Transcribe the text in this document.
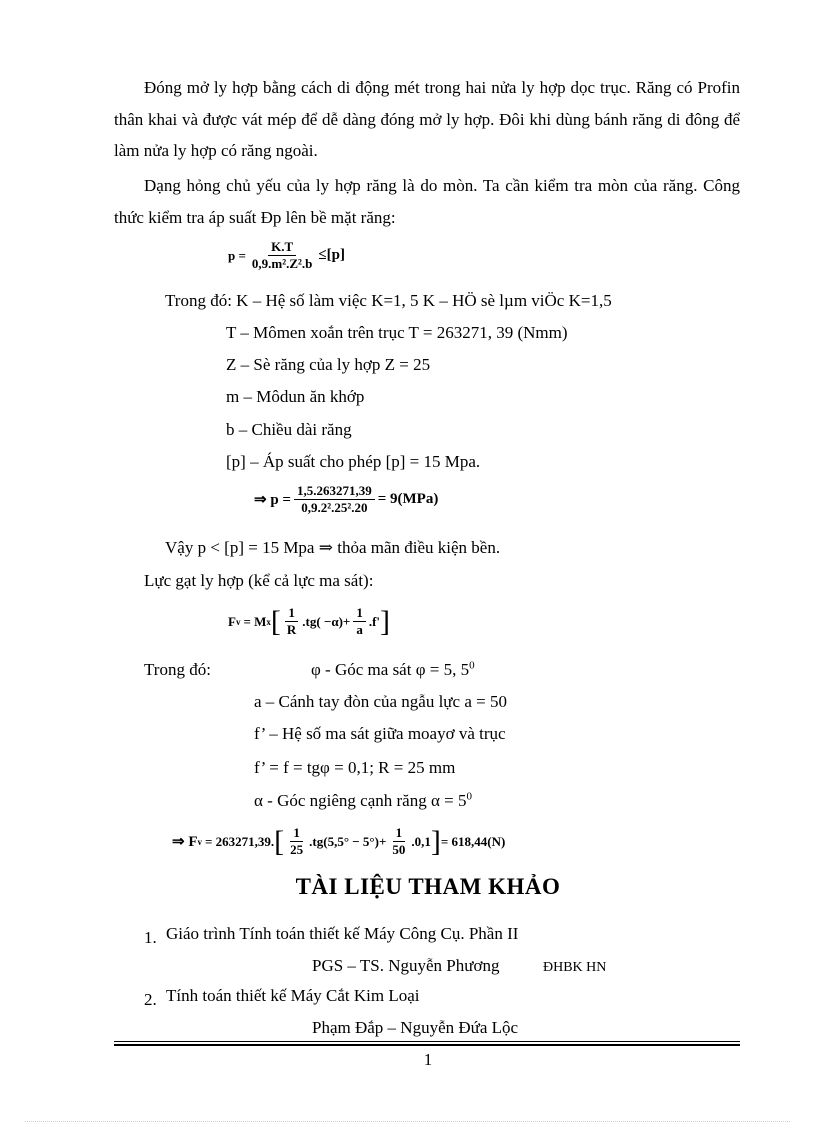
Đóng mở ly hợp bằng cách di động mét trong hai nửa ly hợp dọc trục. Răng có Profin thân khai và được vát mép để dễ dàng đóng mở ly hợp. Đôi khi dùng bánh răng di đông để làm nửa ly hợp có răng ngoài.
Dạng hỏng chủ yếu của ly hợp răng là do mòn. Ta cần kiểm tra mòn của răng. Công thức kiểm tra áp suất Đp lên bề mặt răng:
$p = \frac{K.T}{\text{0,9.m².Z².b}} \le[p]$
Trong đó: K – Hệ số làm việc K=1, 5 K – HÖ sè lµm viÖc K=1,5
T – Mômen xoắn trên trục T = 263271, 39 (Nmm)
Z – Sè răng của ly hợp Z = 25
m – Môdun ăn khớp
b – Chiều dài răng
[p] – Áp suất cho phép [p] = 15 Mpa.
⇒ $p = \frac{1,5.263271,39}{\text{0,9.2².25².20}} = 9(MPa)$
Vậy p < [p] = 15 Mpa ⇒ thỏa mãn điều kiện bền.
Lực gạt ly hợp (kể cả lực ma sát):
F v = M x [ $\frac{1}{R} .tg( -\alpha)+ \frac{1}{a} .f'$ ]
Trong đó:	φ - Góc ma sát φ = 5, $5^0$
a – Cánh tay đòn của ngẫu lực a = 50
f’ – Hệ số ma sát giữa moayơ và trục
f’ = f = tgφ = 0,1; R = 25 mm
α - Góc ngiêng cạnh răng $\alpha = 5^0$
⇒ F v = 263271,39. [ $\frac{1}{25} .tg(5,5^\circ - 5^\circ)+ \frac{1}{50} .0,1$ ] = 618,44(N)
TÀI LIỆU THAM KHẢO
1. Giáo trình Tính toán thiết kế Máy Công Cụ. Phần II
PGS – TS. Nguyễn Phương	ĐHBK HN
2. Tính toán thiết kế Máy Cắt Kim Loại
Phạm Đắp – Nguyễn Đứa Lộc
1
